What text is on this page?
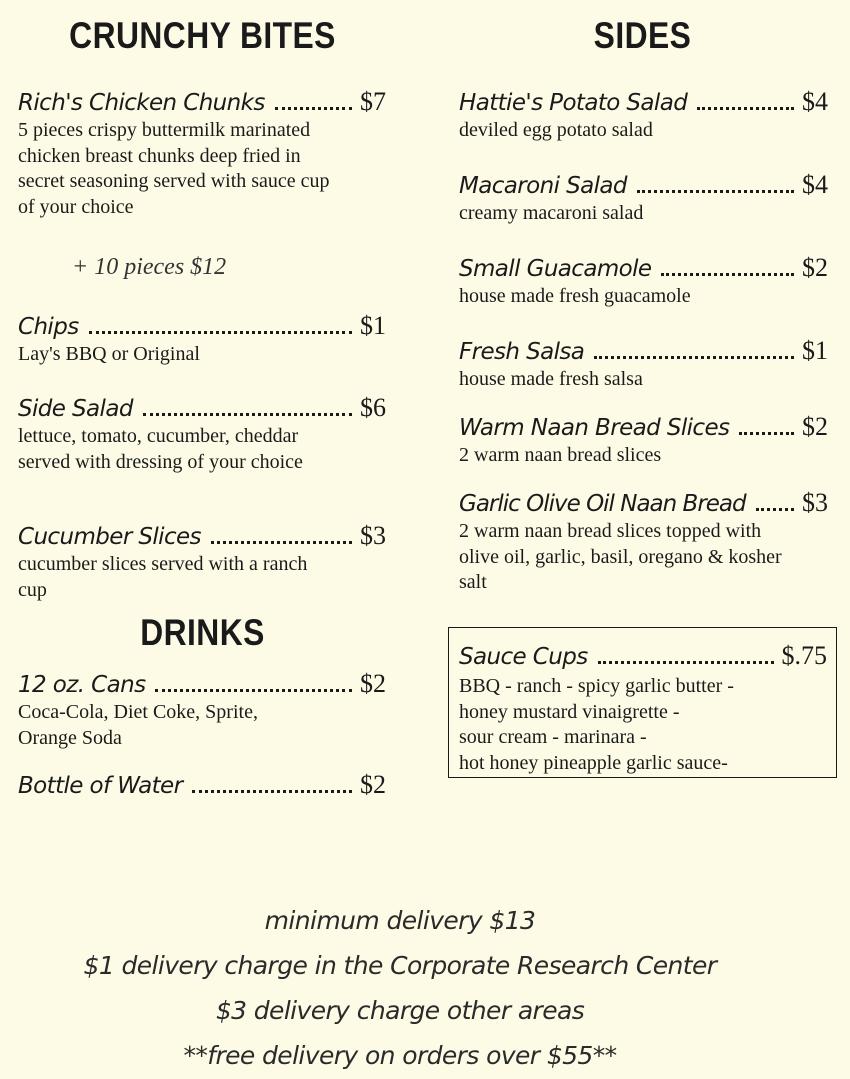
CRUNCHY BITES	SIDES
DRINKS
Rich's Chicken Chunks	$7
5 pieces crispy buttermilk marinated chicken breast chunks deep fried in secret seasoning served with sauce cup of your choice
+ 10 pieces $12
Chips	$1
Lay's BBQ or Original
Side Salad	$6
lettuce, tomato, cucumber, cheddar served with dressing of your choice
Cucumber Slices	$3
cucumber slices served with a ranch cup
12 oz. Cans	$2
Coca-Cola, Diet Coke, Sprite, Orange Soda
Bottle of Water	$2
Hattie's Potato Salad	$4
deviled egg potato salad
Macaroni Salad	$4
creamy macaroni salad
Small Guacamole	$2
house made fresh guacamole
Fresh Salsa	$1
house made fresh salsa
Warm Naan Bread Slices	$2
2 warm naan bread slices
Garlic Olive Oil Naan Bread $3
2 warm naan bread slices topped with olive oil, garlic, basil, oregano & kosher salt
Sauce Cups	$.75
BBQ - ranch - spicy garlic butter -
honey mustard vinaigrette -
sour cream - marinara -
hot honey pineapple garlic sauce-
minimum delivery $13
$1 delivery charge in the Corporate Research Center
$3 delivery charge other areas
**free delivery on orders over $55**
